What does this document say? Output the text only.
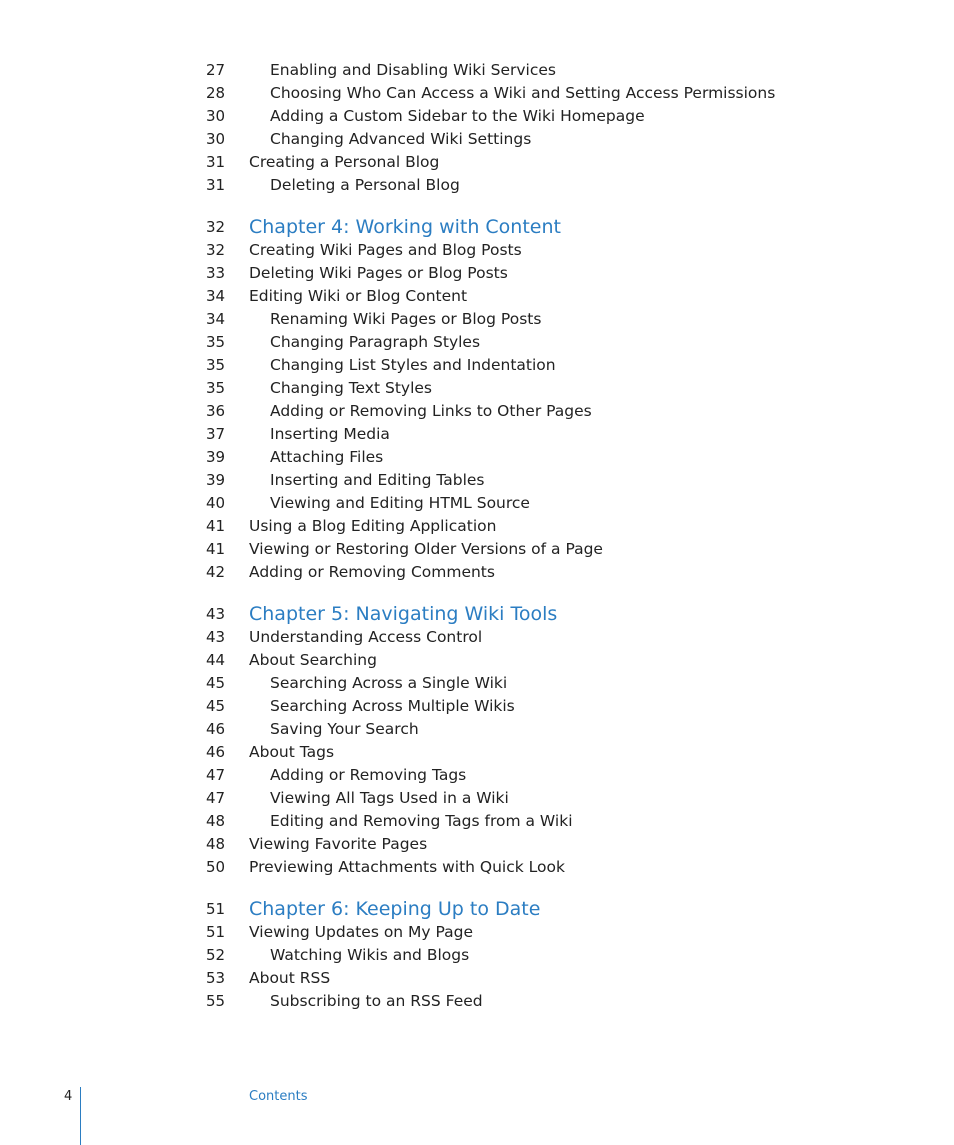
27	Enabling and Disabling Wiki Services
28	Choosing Who Can Access a Wiki and Setting Access Permissions
30	Adding a Custom Sidebar to the Wiki Homepage
30	Changing Advanced Wiki Settings
31	Creating a Personal Blog
31	Deleting a Personal Blog
32	Chapter 4: Working with Content
32	Creating Wiki Pages and Blog Posts
33	Deleting Wiki Pages or Blog Posts
34	Editing Wiki or Blog Content
34	Renaming Wiki Pages or Blog Posts
35	Changing Paragraph Styles
35	Changing List Styles and Indentation
35	Changing Text Styles
36	Adding or Removing Links to Other Pages
37	Inserting Media
39	Attaching Files
39	Inserting and Editing Tables
40	Viewing and Editing HTML Source
41	Using a Blog Editing Application
41	Viewing or Restoring Older Versions of a Page
42	Adding or Removing Comments
43	Chapter 5: Navigating Wiki Tools
43	Understanding Access Control
44	About Searching
45	Searching Across a Single Wiki
45	Searching Across Multiple Wikis
46	Saving Your Search
46	About Tags
47	Adding or Removing Tags
47	Viewing All Tags Used in a Wiki
48	Editing and Removing Tags from a Wiki
48	Viewing Favorite Pages
50	Previewing Attachments with Quick Look
51	Chapter 6: Keeping Up to Date
51	Viewing Updates on My Page
52	Watching Wikis and Blogs
53	About RSS
55	Subscribing to an RSS Feed
4	Contents
